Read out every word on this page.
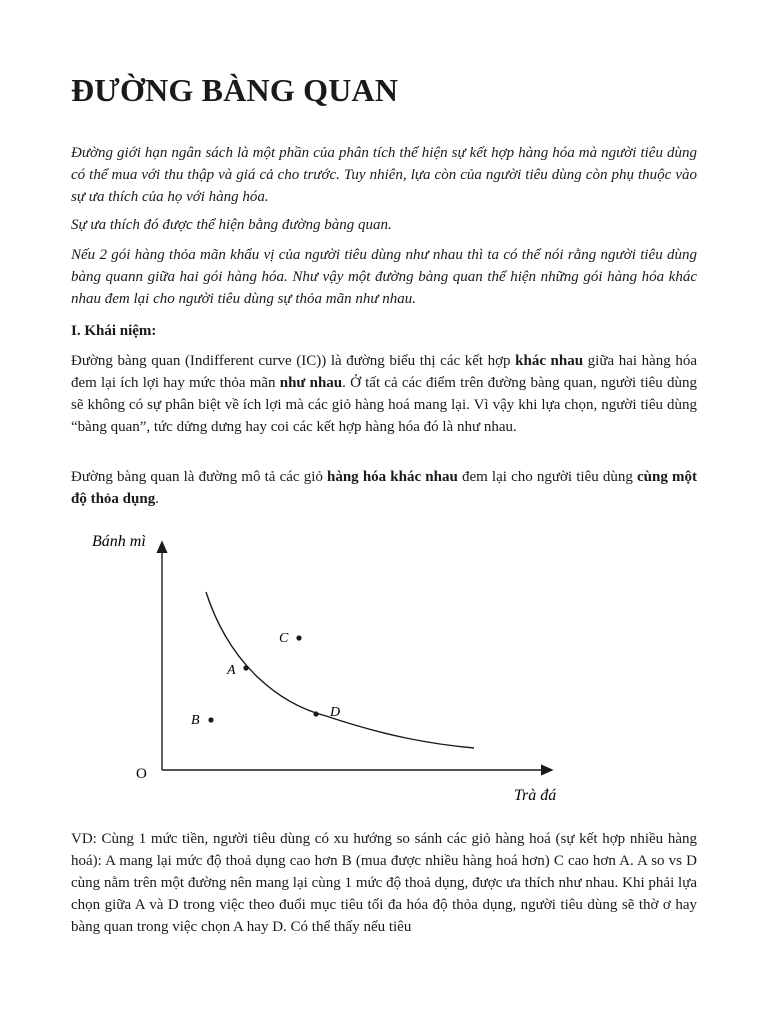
ĐƯỜNG BÀNG QUAN

Đường giới hạn ngân sách là một phần của phân tích thể hiện sự kết hợp hàng hóa mà người tiêu dùng có thể mua với thu thập và giá cả cho trước. Tuy nhiên, lựa còn của người tiêu dùng còn phụ thuộc vào sự ưa thích của họ với hàng hóa.

Sự ưa thích đó được thể hiện bằng đường bàng quan.

Nếu 2 gói hàng thỏa mãn khẩu vị của người tiêu dùng như nhau thì ta có thể nói rằng người tiêu dùng bàng quann giữa hai gói hàng hóa. Như vậy một đường bàng quan thể hiện những gói hàng hóa khác nhau đem lại cho người tiêu dùng sự thỏa mãn như nhau.

I. Khái niệm:

Đường bàng quan (Indifferent curve (IC)) là đường biểu thị các kết hợp khác nhau giữa hai hàng hóa đem lại ích lợi hay mức thỏa mãn như nhau. Ở tất cả các điểm trên đường bàng quan, người tiêu dùng sẽ không có sự phân biệt về ích lợi mà các giỏ hàng hoá mang lại. Vì vậy khi lựa chọn, người tiêu dùng “bàng quan”, tức dửng dưng hay coi các kết hợp hàng hóa đó là như nhau.

Đường bàng quan là đường mô tả các giỏ hàng hóa khác nhau đem lại cho người tiêu dùng cùng một độ thỏa dụng.

Bánh mì
Trà đá
O
A
B
C
D

VD: Cùng 1 mức tiền, người tiêu dùng có xu hướng so sánh các giỏ hàng hoá (sự kết hợp nhiều hàng hoá): A mang lại mức độ thoả dụng cao hơn B (mua được nhiều hàng hoá hơn) C cao hơn A. A so vs D cùng nằm trên một đường nên mang lại cùng 1 mức độ thoả dụng, được ưa thích như nhau. Khi phải lựa chọn giữa A và D trong việc theo đuổi mục tiêu tối đa hóa độ thỏa dụng, người tiêu dùng sẽ thờ ơ hay bàng quan trong việc chọn A hay D. Có thể thấy nếu tiêu
